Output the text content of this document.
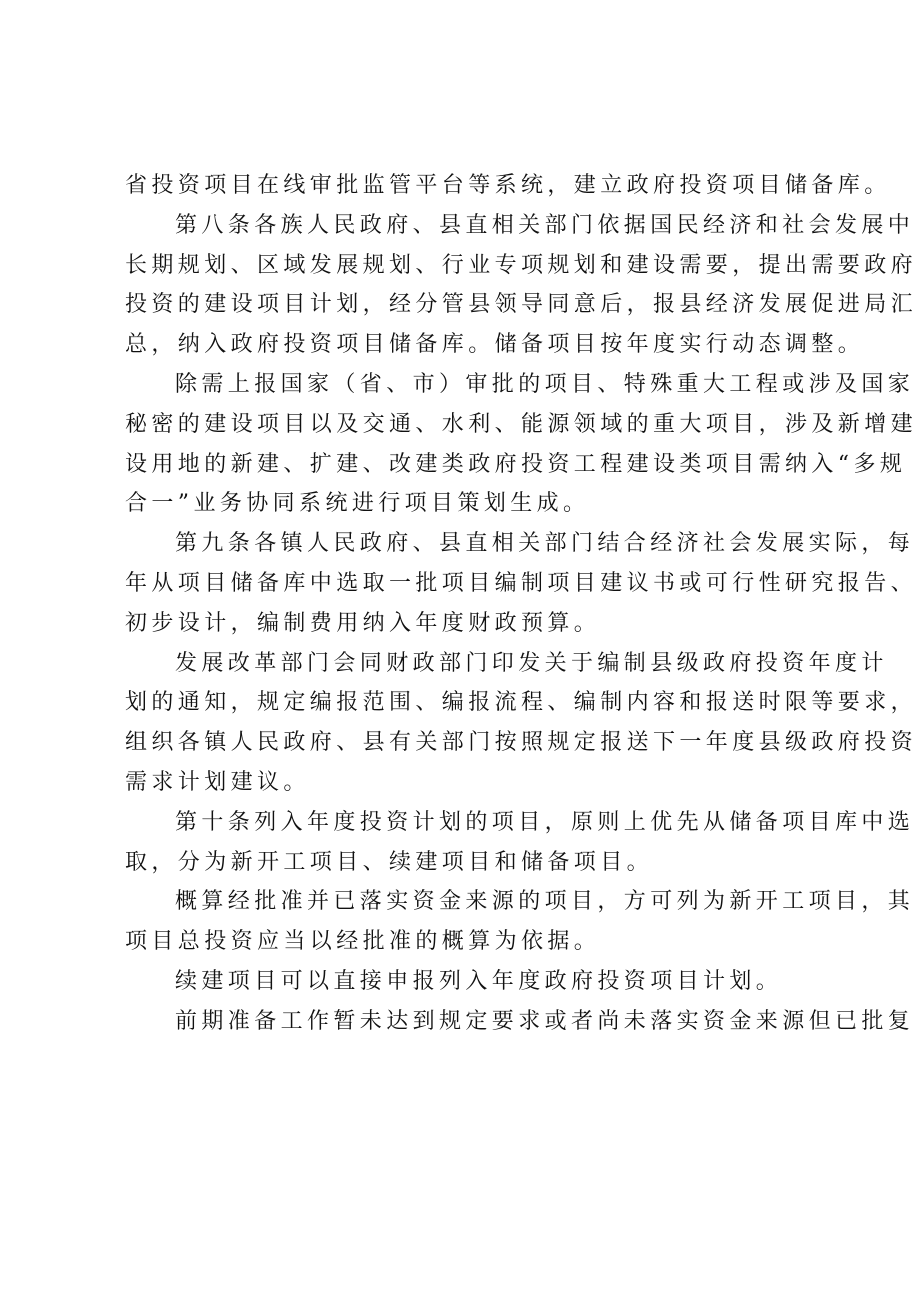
省投资项目在线审批监管平台等系统，建立政府投资项目储备库。
第八条各族人民政府、县直相关部门依据国民经济和社会发展中
长期规划、区域发展规划、行业专项规划和建设需要，提出需要政府
投资的建设项目计划，经分管县领导同意后，报县经济发展促进局汇
总，纳入政府投资项目储备库。储备项目按年度实行动态调整。
除需上报国家（省、市）审批的项目、特殊重大工程或涉及国家
秘密的建设项目以及交通、水利、能源领域的重大项目，涉及新增建
设用地的新建、扩建、改建类政府投资工程建设类项目需纳入“多规
合一”业务协同系统进行项目策划生成。
第九条各镇人民政府、县直相关部门结合经济社会发展实际，每
年从项目储备库中选取一批项目编制项目建议书或可行性研究报告、
初步设计，编制费用纳入年度财政预算。
发展改革部门会同财政部门印发关于编制县级政府投资年度计
划的通知，规定编报范围、编报流程、编制内容和报送时限等要求，
组织各镇人民政府、县有关部门按照规定报送下一年度县级政府投资
需求计划建议。
第十条列入年度投资计划的项目，原则上优先从储备项目库中选
取，分为新开工项目、续建项目和储备项目。
概算经批准并已落实资金来源的项目，方可列为新开工项目，其
项目总投资应当以经批准的概算为依据。
续建项目可以直接申报列入年度政府投资项目计划。
前期准备工作暂未达到规定要求或者尚未落实资金来源但已批复
